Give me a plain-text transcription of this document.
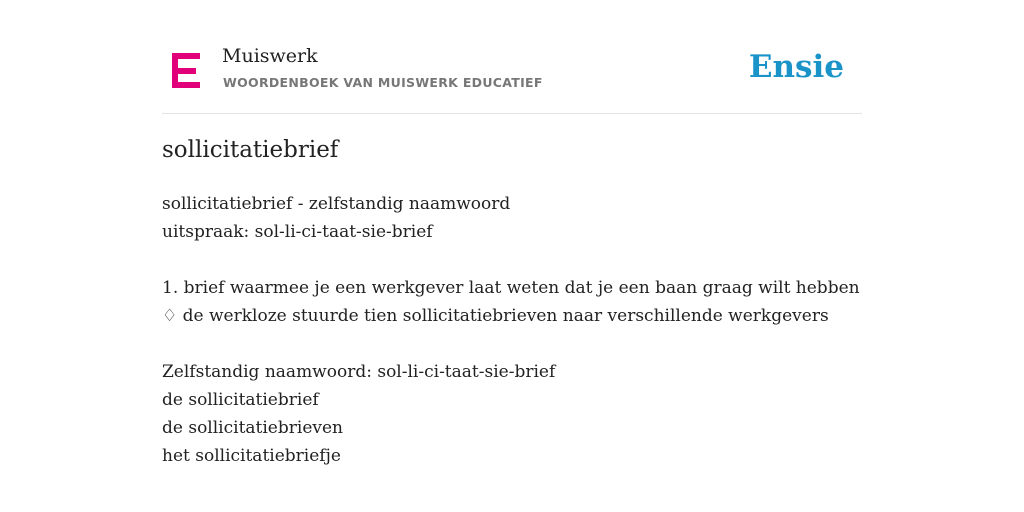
Muiswerk
WOORDENBOEK VAN MUISWERK EDUCATIEF	Ensie
sollicitatiebrief
sollicitatiebrief - zelfstandig naamwoord
uitspraak: sol-li-ci-taat-sie-brief
1. brief waarmee je een werkgever laat weten dat je een baan graag wilt hebben
♢ de werkloze stuurde tien sollicitatiebrieven naar verschillende werkgevers
Zelfstandig naamwoord: sol-li-ci-taat-sie-brief
de sollicitatiebrief
de sollicitatiebrieven
het sollicitatiebriefje
